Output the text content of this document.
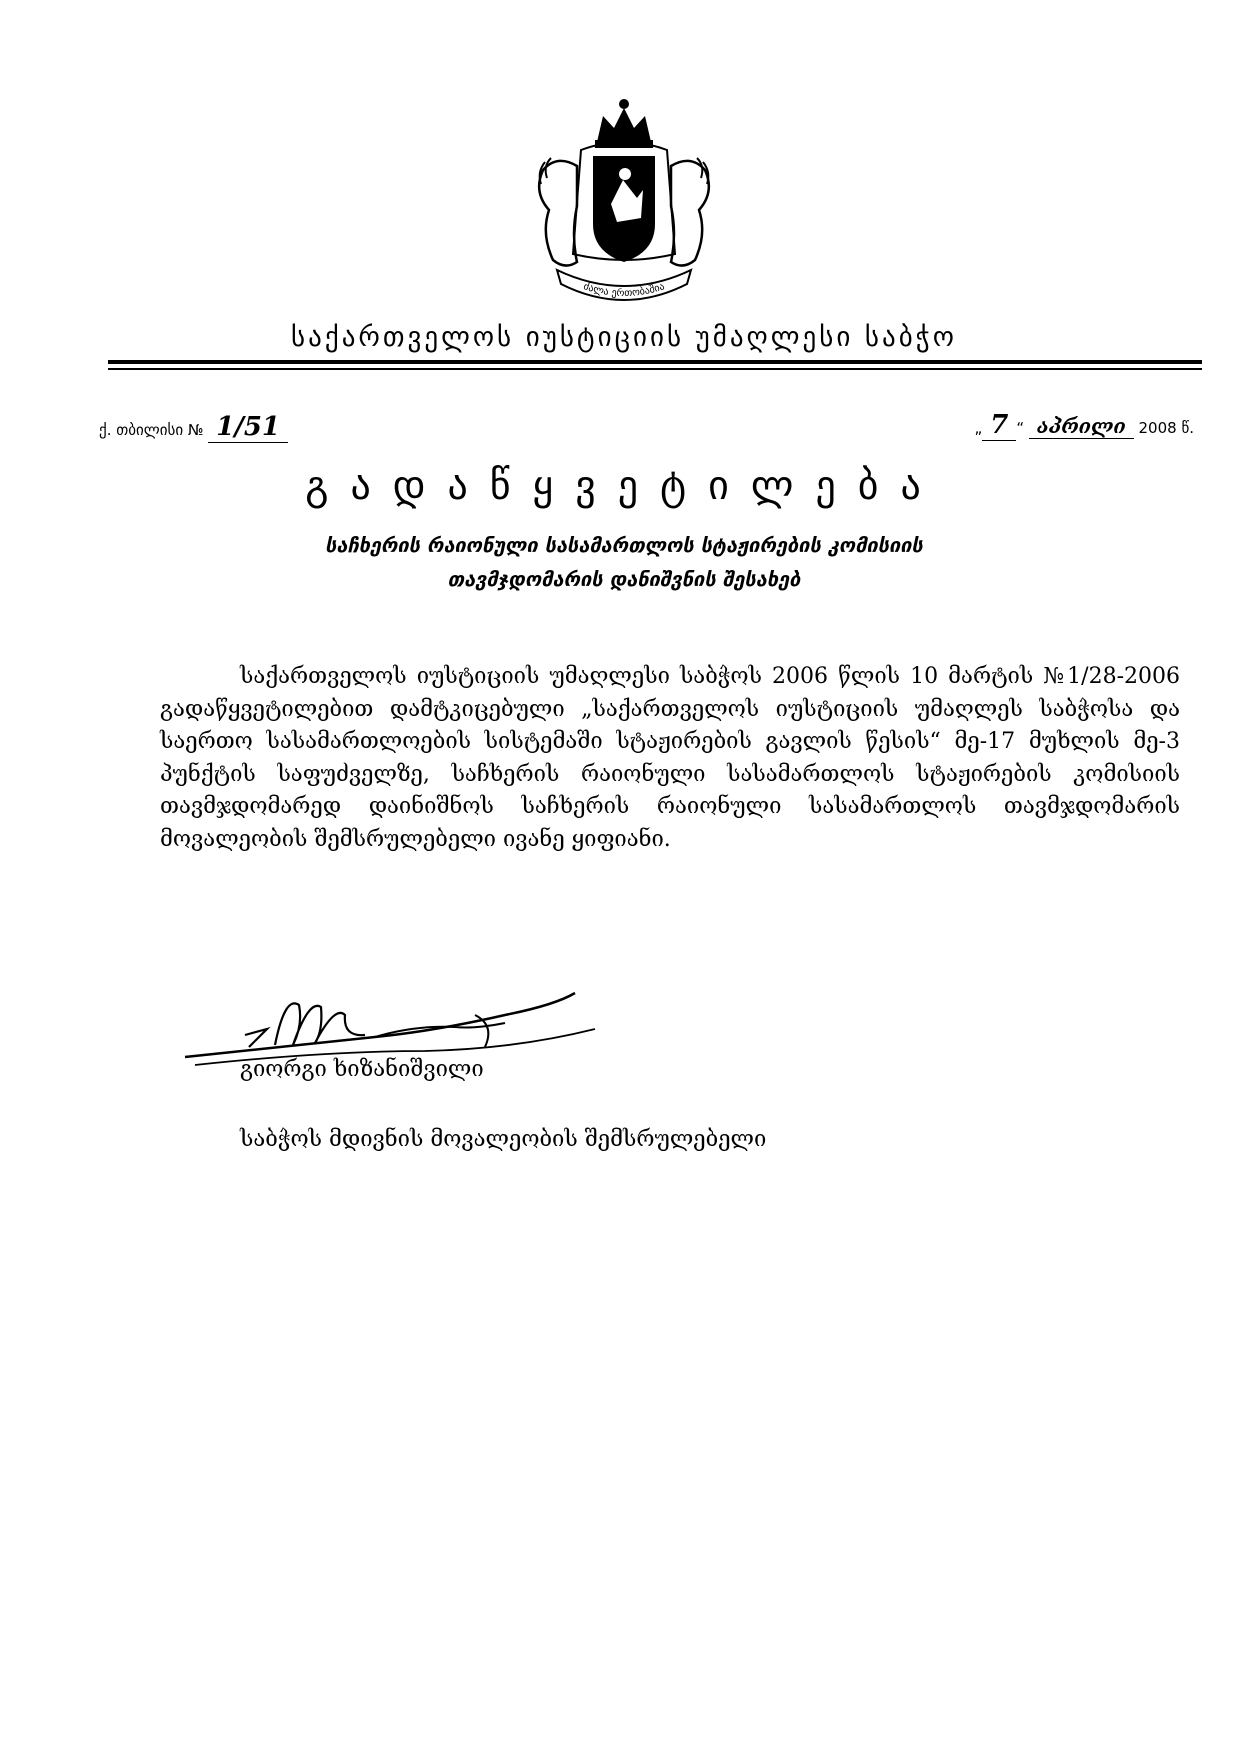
ძალა ერთობაშია
საქართველოს იუსტიციის უმაღლესი საბჭო
ქ. თბილისი № 1/51	„ 7 “ აპრილი 2008 წ.
გადაწყვეტილება
საჩხერის რაიონული სასამართლოს სტაჟირების კომისიის
თავმჯდომარის დანიშვნის შესახებ
საქართველოს იუსტიციის უმაღლესი საბჭოს 2006 წლის 10 მარტის №1/28-2006 გადაწყვეტილებით დამტკიცებული „საქართველოს იუსტიციის უმაღლეს საბჭოსა და საერთო სასამართლოების სისტემაში სტაჟირების გავლის წესის“ მე-17 მუხლის მე-3 პუნქტის საფუძველზე, საჩხერის რაიონული სასამართლოს სტაჟირების კომისიის თავმჯდომარედ დაინიშნოს საჩხერის რაიონული სასამართლოს თავმჯდომარის მოვალეობის შემსრულებელი ივანე ყიფიანი.
გიორგი ხიზანიშვილი
საბჭოს მდივნის მოვალეობის შემსრულებელი
